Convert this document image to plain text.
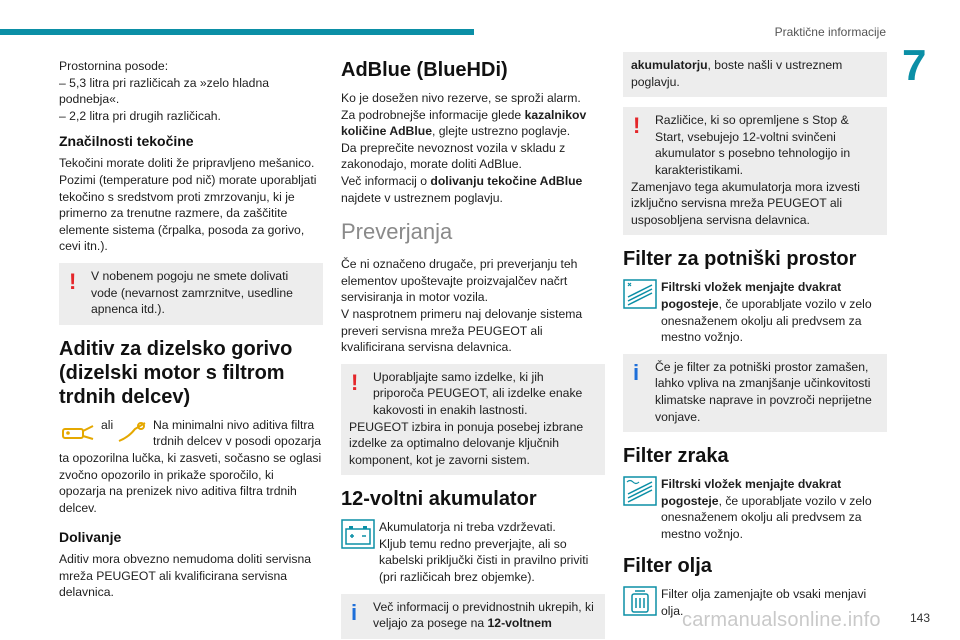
Praktične informacije
7

Prostornina posode:
– 5,3 litra pri različicah za »zelo hladna podnebja«.
– 2,2 litra pri drugih različicah.

Značilnosti tekočine

Tekočini morate doliti že pripravljeno mešanico. Pozimi (temperature pod nič) morate uporabljati tekočino s sredstvom proti zmrzovanju, ki je primerno za trenutne razmere, da zaščitite elemente sistema (črpalka, posoda za gorivo, cevi itn.).

!	V nobenem pogoju ne smete dolivati vode (nevarnost zamrznitve, usedline apnenca itd.).
Aditiv za dizelsko gorivo (dizelski motor s filtrom trdnih delcev)
ali	Na minimalni nivo aditiva filtra trdnih delcev v posodi opozarja

ta opozorilna lučka, ki zasveti, sočasno se oglasi zvočno opozorilo in prikaže sporočilo, ki opozarja na prenizek nivo aditiva filtra trdnih delcev.

Dolivanje

Aditiv mora obvezno nemudoma doliti servisna mreža PEUGEOT ali kvalificirana servisna delavnica.

AdBlue (BlueHDi)

Ko je dosežen nivo rezerve, se sproži alarm.
Za podrobnejše informacije glede kazalnikov količine AdBlue, glejte ustrezno poglavje.
Da preprečite nevoznost vozila v skladu z zakonodajo, morate doliti AdBlue.
Več informacij o dolivanju tekočine AdBlue najdete v ustreznem poglavju.

Preverjanja

Če ni označeno drugače, pri preverjanju teh elementov upoštevajte proizvajalčev načrt servisiranja in motor vozila.
V nasprotnem primeru naj delovanje sistema preveri servisna mreža PEUGEOT ali kvalificirana servisna delavnica.

!	Uporabljajte samo izdelke, ki jih priporoča PEUGEOT, ali izdelke enake kakovosti in enakih lastnosti.
PEUGEOT izbira in ponuja posebej izbrane izdelke za optimalno delovanje ključnih komponent, kot je zavorni sistem.
12-voltni akumulator
Akumulatorja ni treba vzdrževati.
Kljub temu redno preverjajte, ali so kabelski priključki čisti in pravilno priviti (pri različicah brez objemke).
i	Več informacij o previdnostnih ukrepih, ki veljajo za posege na 12-voltnem
akumulatorju, boste našli v ustreznem poglavju.
!	Različice, ki so opremljene s Stop & Start, vsebujejo 12-voltni svinčeni akumulator s posebno tehnologijo in karakteristikami.
Zamenjavo tega akumulatorja mora izvesti izključno servisna mreža PEUGEOT ali usposobljena servisna delavnica.
Filter za potniški prostor
Filtrski vložek menjajte dvakrat pogosteje, če uporabljate vozilo v zelo onesnaženem okolju ali predvsem za mestno vožnjo.
i	Če je filter za potniški prostor zamašen, lahko vpliva na zmanjšanje učinkovitosti klimatske naprave in povzroči neprijetne vonjave.
Filter zraka
Filtrski vložek menjajte dvakrat pogosteje, če uporabljate vozilo v zelo onesnaženem okolju ali predvsem za mestno vožnjo.
Filter olja
Filter olja zamenjajte ob vsaki menjavi olja.
carmanualsonline.info 143
